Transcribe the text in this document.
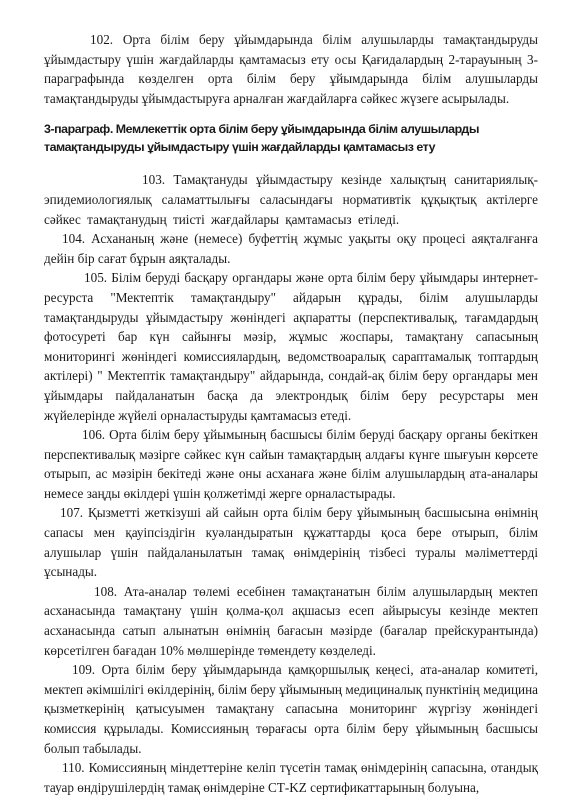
102. Орта білім беру ұйымдарында білім алушыларды тамақтандыруды ұйымдастыру үшін жағдайларды қамтамасыз ету осы Қағидалардың 2-тарауының 3-параграфында көзделген орта білім беру ұйымдарында білім алушыларды тамақтандыруды ұйымдастыруға арналған жағдайларға сәйкес жүзеге асырылады.

3-параграф. Мемлекеттік орта білім беру ұйымдарында білім алушыларды тамақтандыруды ұйымдастыру үшін жағдайларды қамтамасыз ету

103. Тамақтануды ұйымдастыру кезінде халықтың санитариялық-эпидемиологиялық саламаттылығы саласындағы нормативтік құқықтық актілерге сәйкес тамақтанудың тиісті жағдайлары қамтамасыз етіледі.

104. Асхананың және (немесе) буфеттің жұмыс уақыты оқу процесі аяқталғанға дейін бір сағат бұрын аяқталады.

105. Білім беруді басқару органдары және орта білім беру ұйымдары интернет-ресурста "Мектептік тамақтандыру" айдарын құрады, білім алушыларды тамақтандыруды ұйымдастыру жөніндегі ақпаратты (перспективалық, тағамдардың фотосуреті бар күн сайынғы мәзір, жұмыс жоспары, тамақтану сапасының мониторингі жөніндегі комиссиялардың, ведомствоаралық сараптамалық топтардың актілері) " Мектептік тамақтандыру" айдарында, сондай-ақ білім беру органдары мен ұйымдары пайдаланатын басқа да электрондық білім беру ресурстары мен жүйелерінде жүйелі орналастыруды қамтамасыз етеді.

106. Орта білім беру ұйымының басшысы білім беруді басқару органы бекіткен перспективалық мәзірге сәйкес күн сайын тамақтардың алдағы күнге шығуын көрсете отырып, ас мәзірін бекітеді және оны асханаға және білім алушылардың ата-аналары немесе заңды өкілдері үшін қолжетімді жерге орналастырады.

107. Қызметті жеткізуші ай сайын орта білім беру ұйымының басшысына өнімнің сапасы мен қауіпсіздігін куәландыратын құжаттарды қоса бере отырып, білім алушылар үшін пайдаланылатын тамақ өнімдерінің тізбесі туралы мәліметтерді ұсынады.

108. Ата-аналар төлемі есебінен тамақтанатын білім алушылардың мектеп асханасында тамақтану үшін қолма-қол ақшасыз есеп айырысуы кезінде мектеп асханасында сатып алынатын өнімнің бағасын мәзірде (бағалар прейскурантында) көрсетілген бағадан 10% мөлшерінде төмендету көзделеді.

109. Орта білім беру ұйымдарында қамқоршылық кеңесі, ата-аналар комитеті, мектеп әкімшілігі өкілдерінің, білім беру ұйымының медициналық пунктінің медицина қызметкерінің қатысуымен тамақтану сапасына мониторинг жүргізу жөніндегі комиссия құрылады. Комиссияның төрағасы орта білім беру ұйымының басшысы болып табылады.

110. Комиссияның міндеттеріне келіп түсетін тамақ өнімдерінің сапасына, отандық тауар өндірушілердің тамақ өнімдеріне СТ-KZ сертификаттарының болуына,
